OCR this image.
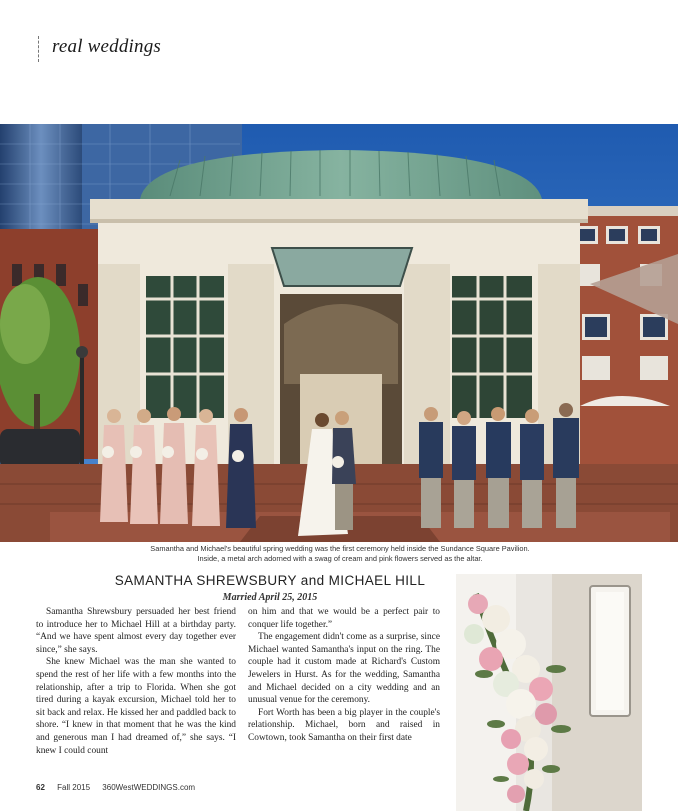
real weddings
Samantha and Michael's beautiful spring wedding was the first ceremony held inside the Sundance Square Pavilion.
Inside, a metal arch adorned with a swag of cream and pink flowers served as the altar.
SAMANTHA SHREWSBURY and MICHAEL HILL
Married April 25, 2015

Samantha Shrewsbury persuaded her best friend to introduce her to Michael Hill at a birthday party. “And we have spent almost every day together ever since,” she says.

She knew Michael was the man she wanted to spend the rest of her life with a few months into the relationship, after a trip to Florida. When she got tired during a kayak excursion, Michael told her to sit back and relax. He kissed her and paddled back to shore. “I knew in that moment that he was the kind and generous man I had dreamed of,” she says. “I knew I could count

on him and that we would be a perfect pair to conquer life together.”

The engagement didn't come as a surprise, since Michael wanted Samantha's input on the ring. The couple had it custom made at Richard's Custom Jewelers in Hurst. As for the wedding, Samantha and Michael decided on a city wedding and an unusual venue for the ceremony.

Fort Worth has been a big player in the couple's relationship. Michael, born and raised in Cowtown, took Samantha on their first date

62 Fall 2015 360WestWEDDINGS.com
